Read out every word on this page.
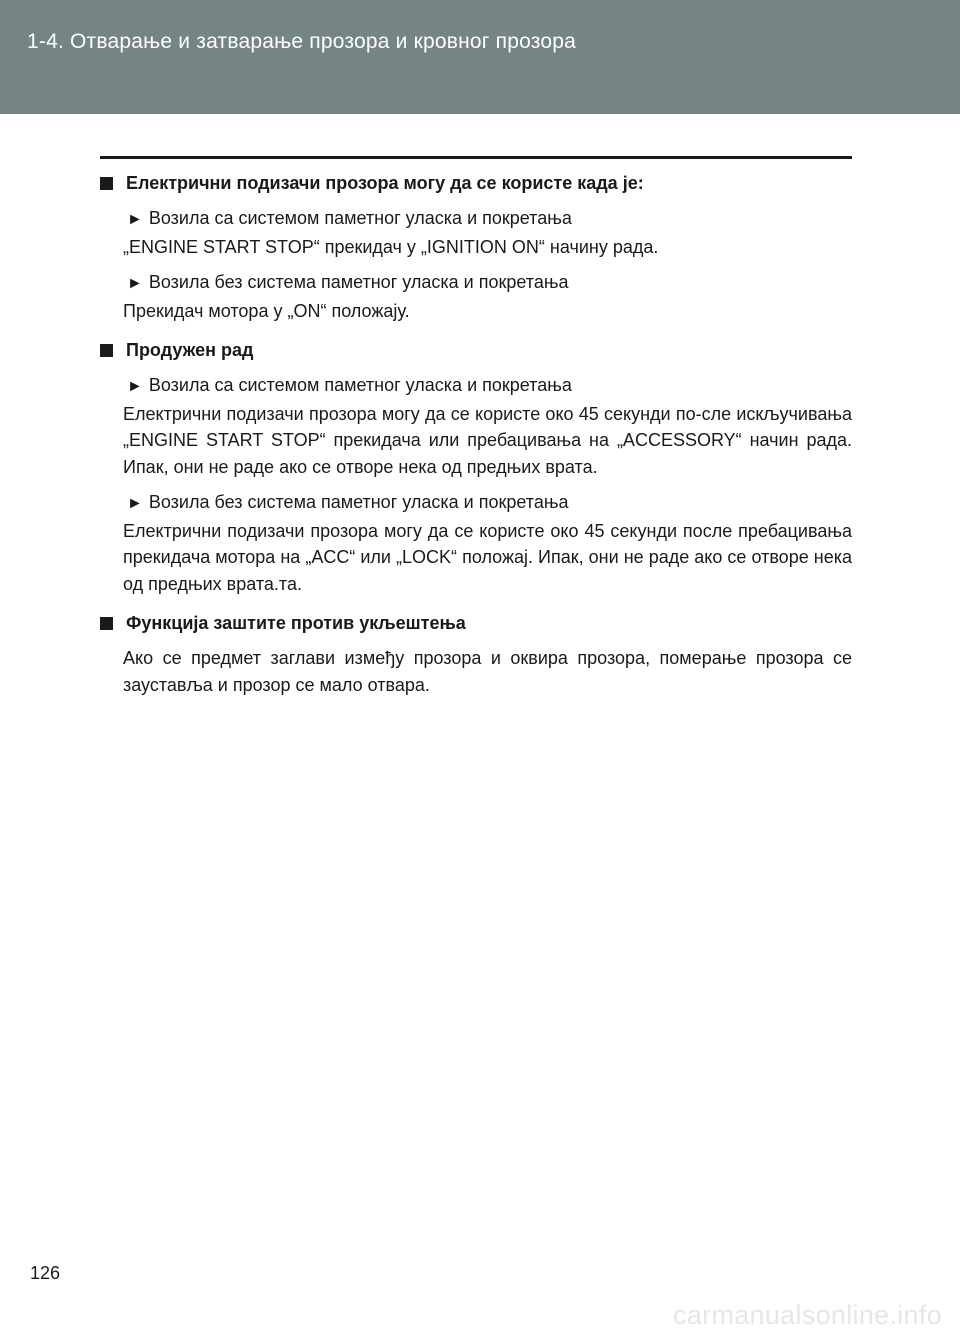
1-4. Отварање и затварање прозора и кровног прозора
Електрични подизачи прозора могу да се користе када је:

► Возила са системом паметног уласка и покретања

„ENGINE START STOP“ прекидач у „IGNITION ON“ начину рада.

► Возила без система паметног уласка и покретања

Прекидач мотора у „ON“ положају.

Продужен рад

► Возила са системом паметног уласка и покретања

Електрични подизачи прозора могу да се користе око 45 секунди по-сле искључивања „ENGINE START STOP“ прекидача или пребацивања на „ACCESSORY“ начин рада. Ипак, они не раде ако се отворе нека од предњих врата.

► Возила без система паметног уласка и покретања

Електрични подизачи прозора могу да се користе око 45 секунди после пребацивања прекидача мотора на „ACC“ или „LOCK“ положај. Ипак, они не раде ако се отворе нека од предњих врата.та.

Функција заштите против укљештења

Ако се предмет заглави између прозора и оквира прозора, померање прозора се зауставља и прозор се мало отвара.

126
carmanualsonline.info
